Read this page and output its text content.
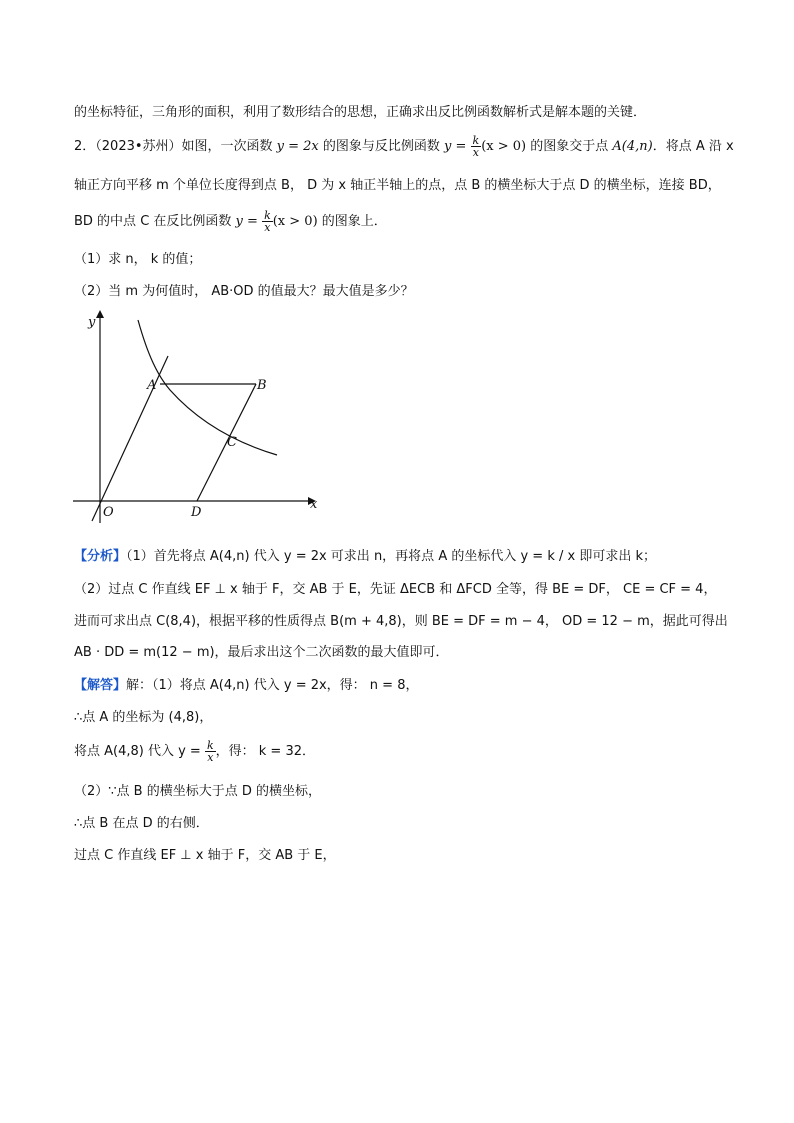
的坐标特征，三角形的面积，利用了数形结合的思想，正确求出反比例函数解析式是解本题的关键．
2．（2023•苏州）如图，一次函数 y = 2x 的图象与反比例函数 $y = \frac{k}{x} (x > 0)$ 的图象交于点 A(4,n)．将点 A 沿 x
轴正方向平移 m 个单位长度得到点 B， D 为 x 轴正半轴上的点，点 B 的横坐标大于点 D 的横坐标，连接 BD，
BD 的中点 C 在反比例函数 $y = \frac{k}{x} (x > 0)$ 的图象上．
（1）求 n， k 的值；
（2）当 m 为何值时， AB·OD 的值最大？最大值是多少？
y
x
A	B
C
O	D
【分析】（1）首先将点 A(4,n) 代入 y = 2x 可求出 n，再将点 A 的坐标代入 y = k / x 即可求出 k；
（2）过点 C 作直线 EF ⊥ x 轴于 F，交 AB 于 E，先证 ΔECB 和 ΔFCD 全等，得 BE = DF， CE = CF = 4，
进而可求出点 C(8,4)，根据平移的性质得点 B(m + 4,8)，则 BE = DF = m − 4， OD = 12 − m，据此可得出
AB · DD = m(12 − m)，最后求出这个二次函数的最大值即可．
【解答】解：（1）将点 A(4,n) 代入 y = 2x，得： n = 8，
∴点 A 的坐标为 (4,8)，
将点 A(4,8) 代入 $y = \frac{k}{x}$ ，得： k = 32．
（2）∵点 B 的横坐标大于点 D 的横坐标，
∴点 B 在点 D 的右侧．
过点 C 作直线 EF ⊥ x 轴于 F，交 AB 于 E，
